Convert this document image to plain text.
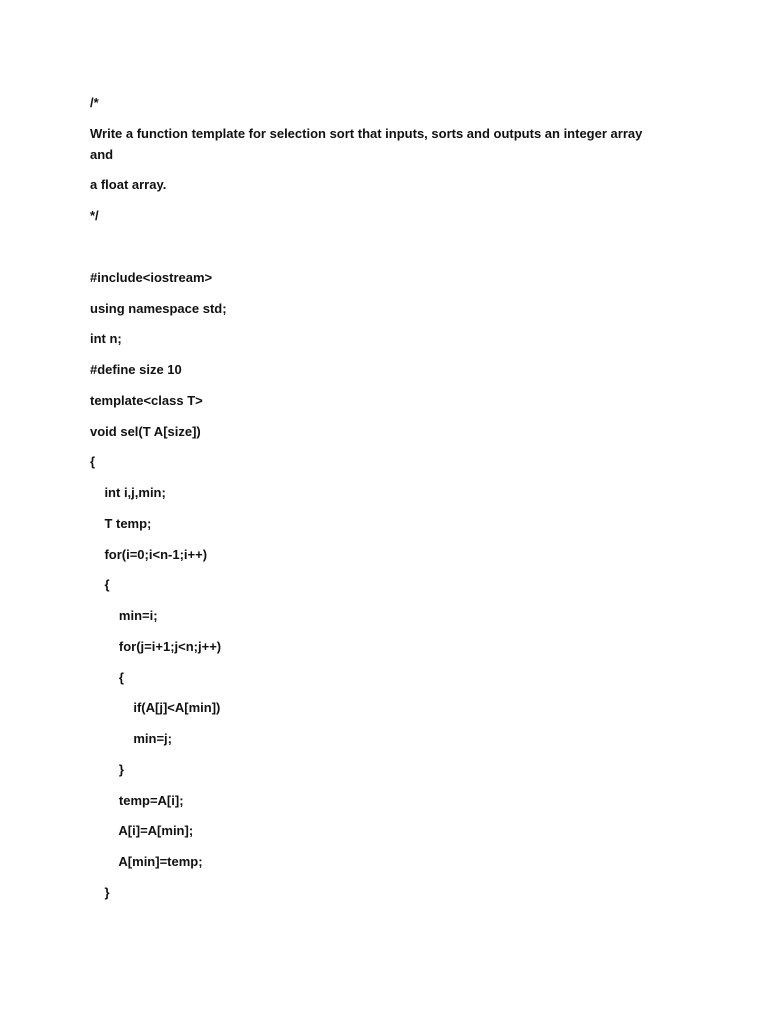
/*
Write a function template for selection sort that inputs, sorts and outputs an integer array
and
a float array.
*/
#include<iostream>
using namespace std;
int n;
#define size 10
template<class T>
void sel(T A[size])
{
int i,j,min;
T temp;
for(i=0;i<n-1;i++)
{
min=i;
for(j=i+1;j<n;j++)
{
if(A[j]<A[min])
min=j;
}
temp=A[i];
A[i]=A[min];
A[min]=temp;
}
